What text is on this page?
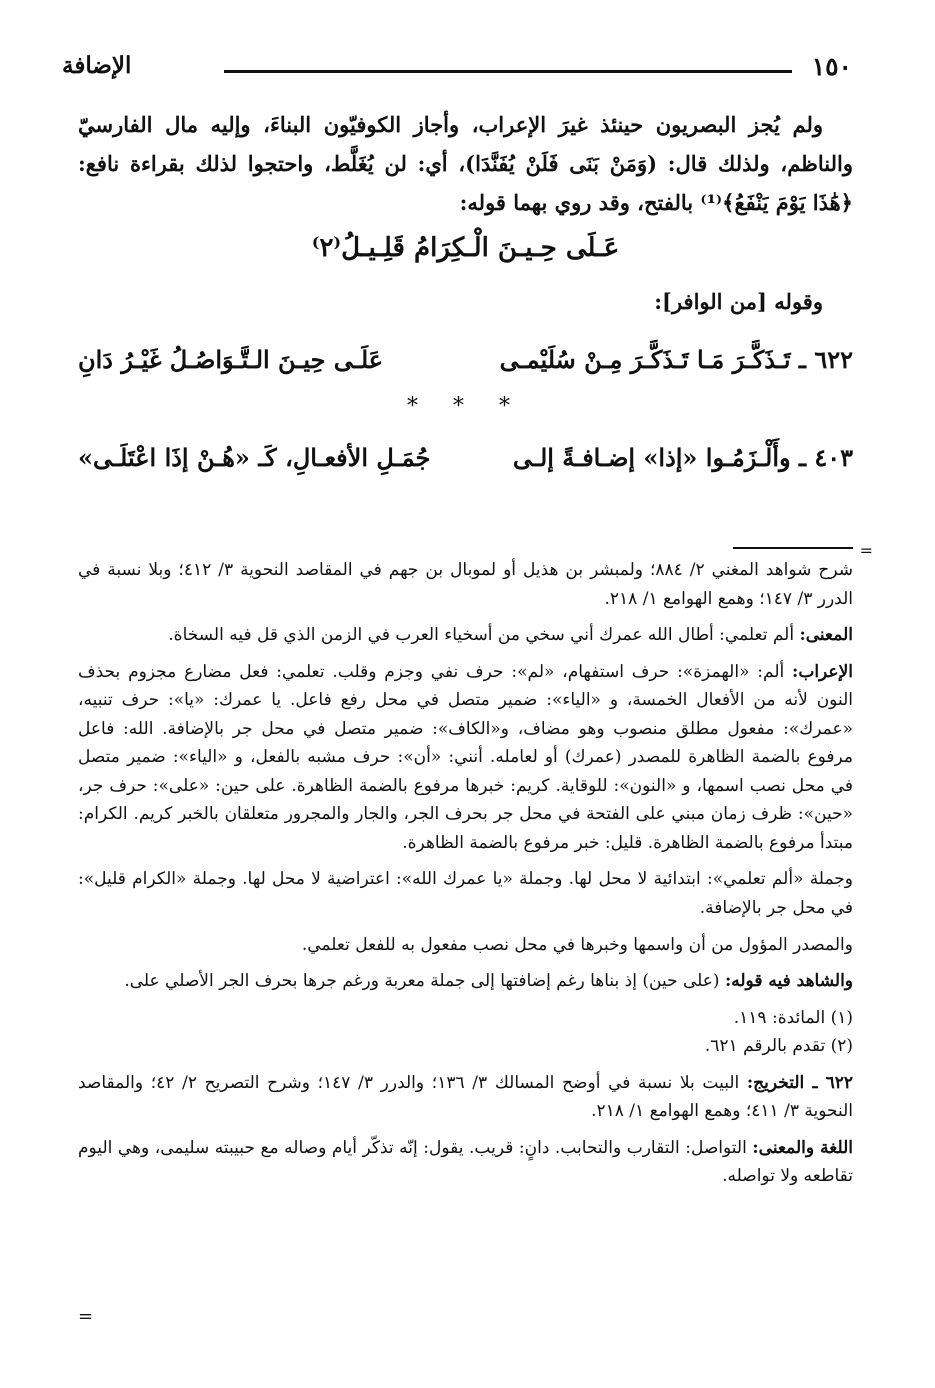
١٥٠
الإضافة
ولم يُجز البصريون حينئذ غيرَ الإعراب، وأجاز الكوفيّون البناءَ، وإليه مال الفارسيّ والناظم، ولذلك قال: (وَمَنْ بَنَى فَلَنْ يُفَنَّدَا)، أي: لن يُغَلَّط، واحتجوا لذلك بقراءة نافع: ﴿هَٰذَا يَوْمَ يَنْفَعُ﴾⁽¹⁾ بالفتح، وقد روي بهما قوله:
عَـلَى حِـيـنَ الْـكِرَامُ قَلِـيـلُ⁽٢⁾
وقوله [من الوافر]:
٦٢٢ ـ تَـذَكَّـرَ مَـا تَـذَكَّـرَ مِـنْ سُلَيْمـى
عَلَـى حِيـنَ الـتَّـوَاصُـلُ غَيْـرُ دَانِ
* * *
٤٠٣ ـ وأَلْـزَمُـوا «إذا» إضـافـةً إلـى
جُمَـلِ الأفعـالِ، كَـ «هُـنْ إذَا اعْتَلَـى»
=

شرح شواهد المغني ٢/ ٨٨٤؛ ولمبشر بن هذيل أو لموبال بن جهم في المقاصد النحوية ٣/ ٤١٢؛ وبلا نسبة في الدرر ٣/ ١٤٧؛ وهمع الهوامع ١/ ٢١٨.

المعنى: ألم تعلمي: أطال الله عمرك أني سخي من أسخياء العرب في الزمن الذي قل فيه السخاة.

الإعراب: ألم: «الهمزة»: حرف استفهام، «لم»: حرف نفي وجزم وقلب. تعلمي: فعل مضارع مجزوم بحذف النون لأنه من الأفعال الخمسة، و «الياء»: ضمير متصل في محل رفع فاعل. يا عمرك: «يا»: حرف تنبيه، «عمرك»: مفعول مطلق منصوب وهو مضاف، و«الكاف»: ضمير متصل في محل جر بالإضافة. الله: فاعل مرفوع بالضمة الظاهرة للمصدر (عمرك) أو لعامله. أنني: «أن»: حرف مشبه بالفعل، و «الياء»: ضمير متصل في محل نصب اسمها، و «النون»: للوقاية. كريم: خبرها مرفوع بالضمة الظاهرة. على حين: «على»: حرف جر، «حين»: ظرف زمان مبني على الفتحة في محل جر بحرف الجر، والجار والمجرور متعلقان بالخبر كريم. الكرام: مبتدأ مرفوع بالضمة الظاهرة. قليل: خبر مرفوع بالضمة الظاهرة.

وجملة «ألم تعلمي»: ابتدائية لا محل لها. وجملة «يا عمرك الله»: اعتراضية لا محل لها. وجملة «الكرام قليل»: في محل جر بالإضافة.

والمصدر المؤول من أن واسمها وخبرها في محل نصب مفعول به للفعل تعلمي.

والشاهد فيه قوله: (على حين) إذ بناها رغم إضافتها إلى جملة معربة ورغم جرها بحرف الجر الأصلي على.

(١) المائدة: ١١٩.

(٢) تقدم بالرقم ٦٢١.

٦٢٢ ـ التخريج: البيت بلا نسبة في أوضح المسالك ٣/ ١٣٦؛ والدرر ٣/ ١٤٧؛ وشرح التصريح ٢/ ٤٢؛ والمقاصد النحوية ٣/ ٤١١؛ وهمع الهوامع ١/ ٢١٨.

اللغة والمعنى: التواصل: التقارب والتحابب. دانٍ: قريب. يقول: إنّه تذكّر أيام وصاله مع حبيبته سليمى، وهي اليوم تقاطعه ولا تواصله.

=
